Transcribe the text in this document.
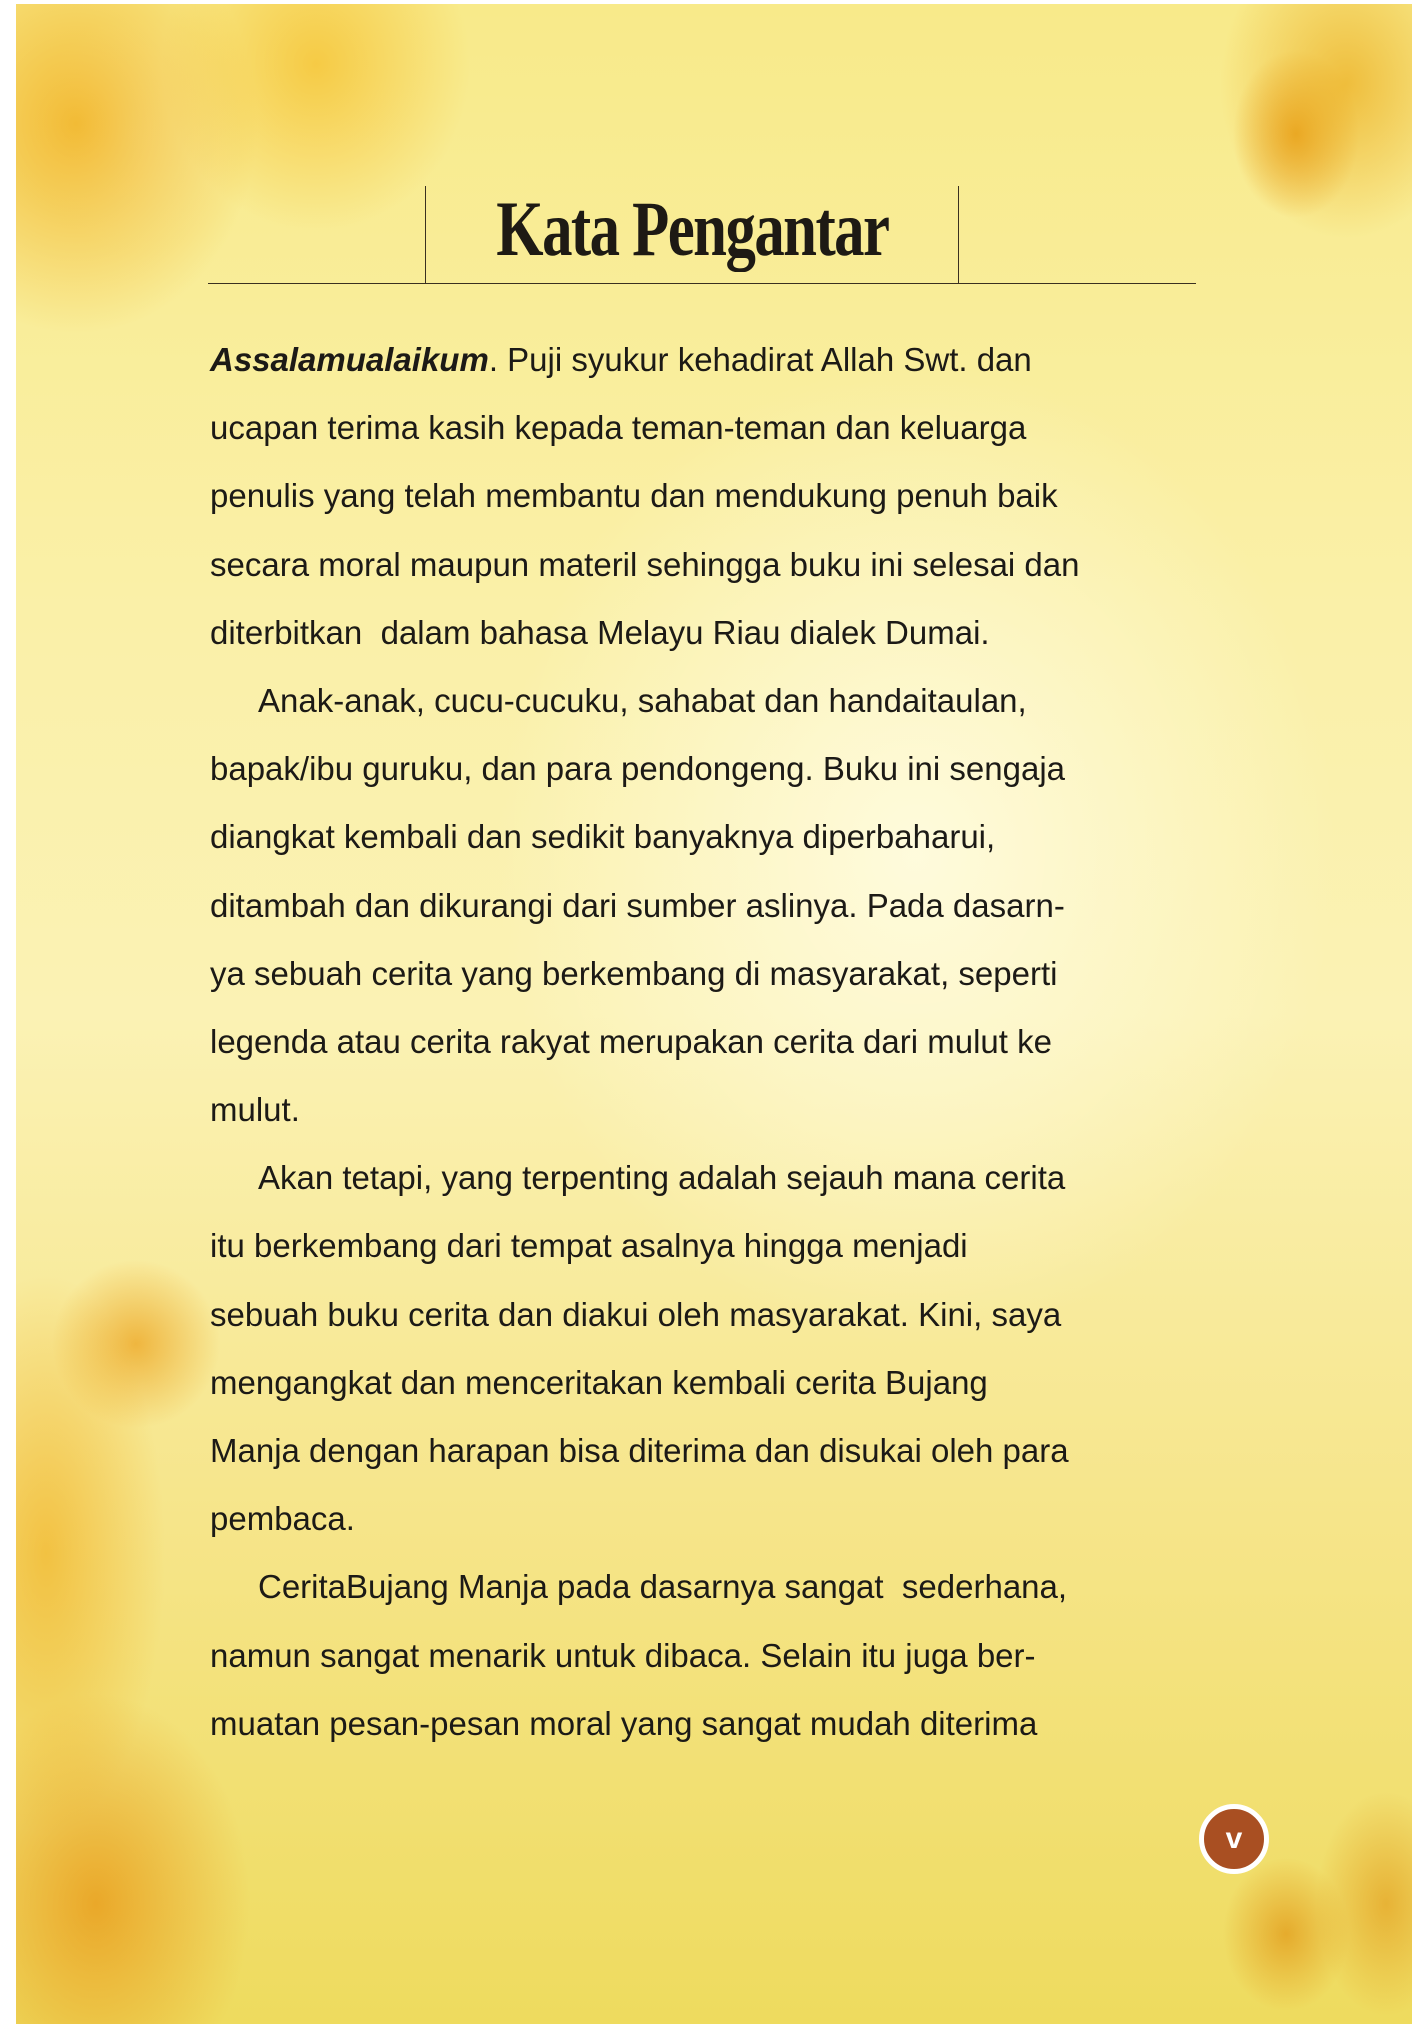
Kata Pengantar
Assalamualaikum. Puji syukur kehadirat Allah Swt. dan
ucapan terima kasih kepada teman-teman dan keluarga
penulis yang telah membantu dan mendukung penuh baik
secara moral maupun materil sehingga buku ini selesai dan
diterbitkan  dalam bahasa Melayu Riau dialek Dumai.
Anak-anak, cucu-cucuku, sahabat dan handaitaulan,
bapak/ibu guruku, dan para pendongeng. Buku ini sengaja
diangkat kembali dan sedikit banyaknya diperbaharui,
ditambah dan dikurangi dari sumber aslinya. Pada dasarn-
ya sebuah cerita yang berkembang di masyarakat, seperti
legenda atau cerita rakyat merupakan cerita dari mulut ke
mulut.
Akan tetapi, yang terpenting adalah sejauh mana cerita
itu berkembang dari tempat asalnya hingga menjadi
sebuah buku cerita dan diakui oleh masyarakat. Kini, saya
mengangkat dan menceritakan kembali cerita Bujang
Manja dengan harapan bisa diterima dan disukai oleh para
pembaca.
CeritaBujang Manja pada dasarnya sangat  sederhana,
namun sangat menarik untuk dibaca. Selain itu juga ber-
muatan pesan-pesan moral yang sangat mudah diterima
v
